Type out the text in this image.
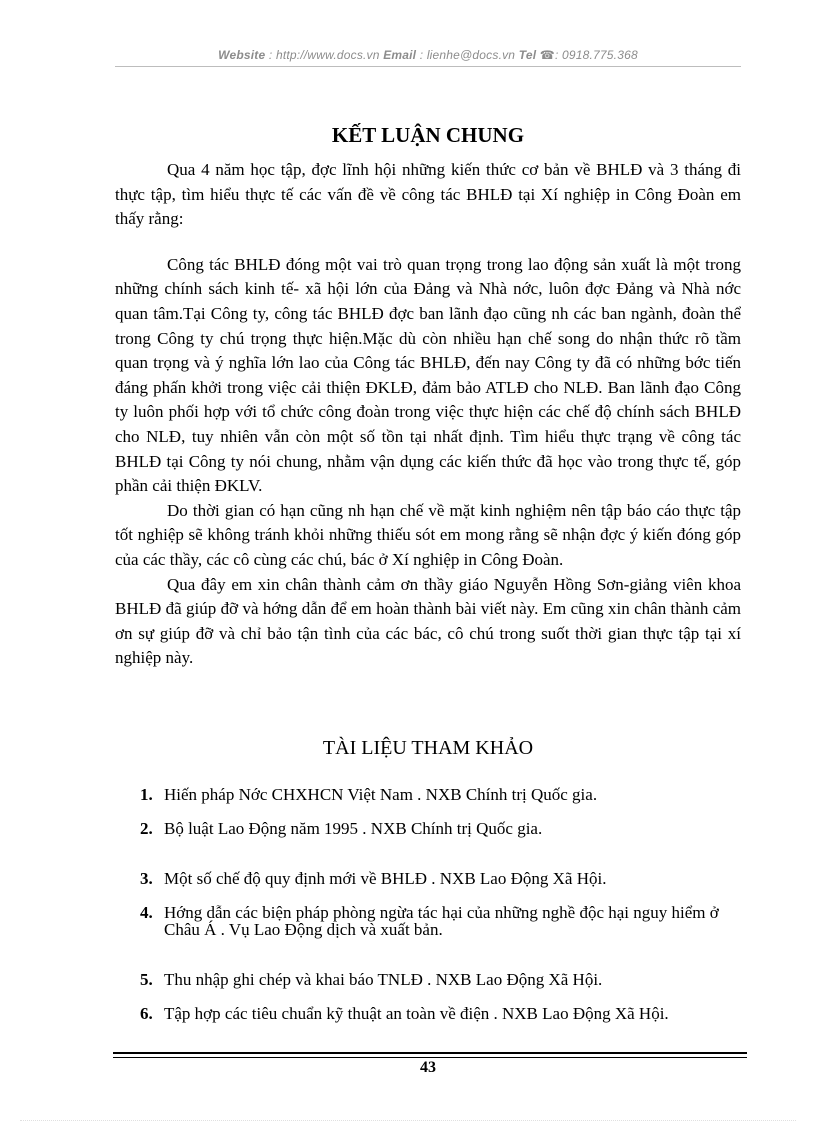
Website : http://www.docs.vn Email : lienhe@docs.vn Tel ☎: 0918.775.368
KẾT LUẬN CHUNG

Qua 4 năm học tập, đợc lĩnh hội những kiến thức cơ bản về BHLĐ và 3 tháng đi thực tập, tìm hiểu thực tế các vấn đề về công tác BHLĐ tại Xí nghiệp in Công Đoàn em thấy rằng:

Công tác BHLĐ đóng một vai trò quan trọng trong lao động sản xuất là một trong những chính sách kinh tế- xã hội lớn của Đảng và Nhà nớc, luôn đợc Đảng và Nhà nớc quan tâm.Tại Công ty, công tác BHLĐ đợc ban lãnh đạo cũng nh các ban ngành, đoàn thể trong Công ty chú trọng thực hiện.Mặc dù còn nhiều hạn chế song do nhận thức rõ tầm quan trọng và ý nghĩa lớn lao của Công tác BHLĐ, đến nay Công ty đã có những bớc tiến đáng phấn khởi trong việc cải thiện ĐKLĐ, đảm bảo ATLĐ cho NLĐ. Ban lãnh đạo Công ty luôn phối hợp với tổ chức công đoàn trong việc thực hiện các chế độ chính sách BHLĐ cho NLĐ, tuy nhiên vẫn còn một số tồn tại nhất định. Tìm hiểu thực trạng về công tác BHLĐ tại Công ty nói chung, nhằm vận dụng các kiến thức đã học vào trong thực tế, góp phần cải thiện ĐKLV.

Do thời gian có hạn cũng nh hạn chế về mặt kinh nghiệm nên tập báo cáo thực tập tốt nghiệp sẽ không tránh khỏi những thiếu sót em mong rằng sẽ nhận đợc ý kiến đóng góp của các thầy, các cô cùng các chú, bác ở Xí nghiệp in Công Đoàn.

Qua đây em xin chân thành cảm ơn thầy giáo Nguyễn Hồng Sơn-giảng viên khoa BHLĐ đã giúp đỡ và hớng dẫn để em hoàn thành bài viết này. Em cũng xin chân thành cảm ơn sự giúp đỡ và chỉ bảo tận tình của các bác, cô chú trong suốt thời gian thực tập tại xí nghiệp này.

TÀI LIỆU THAM KHẢO
1. Hiến pháp Nớc CHXHCN Việt Nam . NXB Chính trị Quốc gia.
2. Bộ luật Lao Động năm 1995 . NXB Chính trị Quốc gia.
3. Một số chế độ quy định mới về BHLĐ . NXB Lao Động Xã Hội.
4. Hớng dẫn các biện pháp phòng ngừa tác hại của những nghề độc hại nguy hiểm ở Châu Á . Vụ Lao Động dịch và xuất bản.
5. Thu nhập ghi chép và khai báo TNLĐ . NXB Lao Động Xã Hội.
6. Tập hợp các tiêu chuẩn kỹ thuật an toàn về điện . NXB Lao Động Xã Hội.
43
